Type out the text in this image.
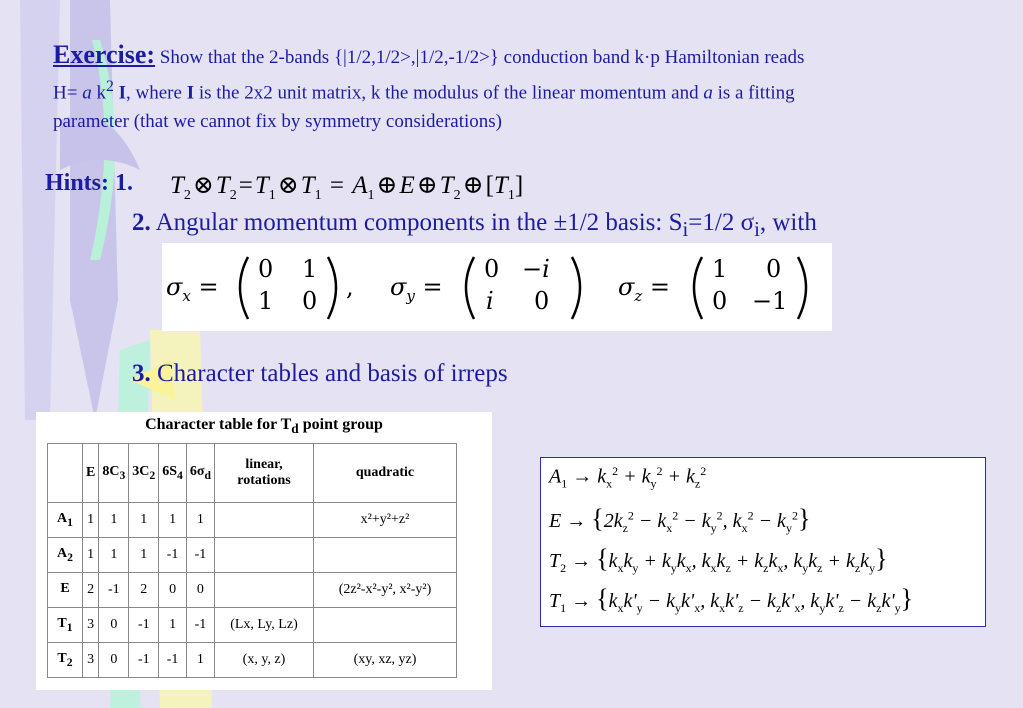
Exercise: Show that the 2-bands {|1/2,1/2>,|1/2,-1/2>} conduction band k·p Hamiltonian reads
H= a $k^2$ I, where I is the 2x2 unit matrix, k the modulus of the linear momentum and a is a fitting
parameter (that we cannot fix by symmetry considerations)
Hints: 1. $T_2\otimes T_2=T_1\otimes T_1$ = $A_1\oplus E\oplus T_2\oplus[T_1]$
2. Angular momentum components in the ±1/2 basis: $S_i=1/2$ $\sigma_i$, with
$\sigma_x$ =
0 1
1 0 , $\sigma_y$ =
0 −i
i 0	$\sigma_z$ =
1 0
0 −1
3. Character tables and basis of irreps
Character table for $T_d$ point group
	E	$8C_3$	$3C_2$	$6S_4$	$6\sigma_d$	linear, rotations	quadratic
$A_1$	1	1	1	1	1		x²+y²+z²
$A_2$	1	1	1	-1	-1		
E	2	-1	2	0	0		(2z²-x²-y², x²-y²)
$T_1$	3	0	-1	1	-1	(Lx, Ly, Lz)	
$T_2$	3	0	-1	-1	1	(x, y, z)	(xy, xz, yz)
$A_1 \to k_x^2 + k_y^2 + k_z^2$
$E \to \{2k_z^2 - k_x^2 - k_y^2$, $k_x^2 - k_y^2$}
$T_2 \to \{k_xk_y + k_yk_x$, $k_xk_z + k_zk_x$, $k_yk_z + k_zk_y$}
$T_1 \to \{k_xk'_y - k_yk'_x$, $k_xk'_z - k_zk'_x$, $k_yk'_z - k_zk'_y$}
